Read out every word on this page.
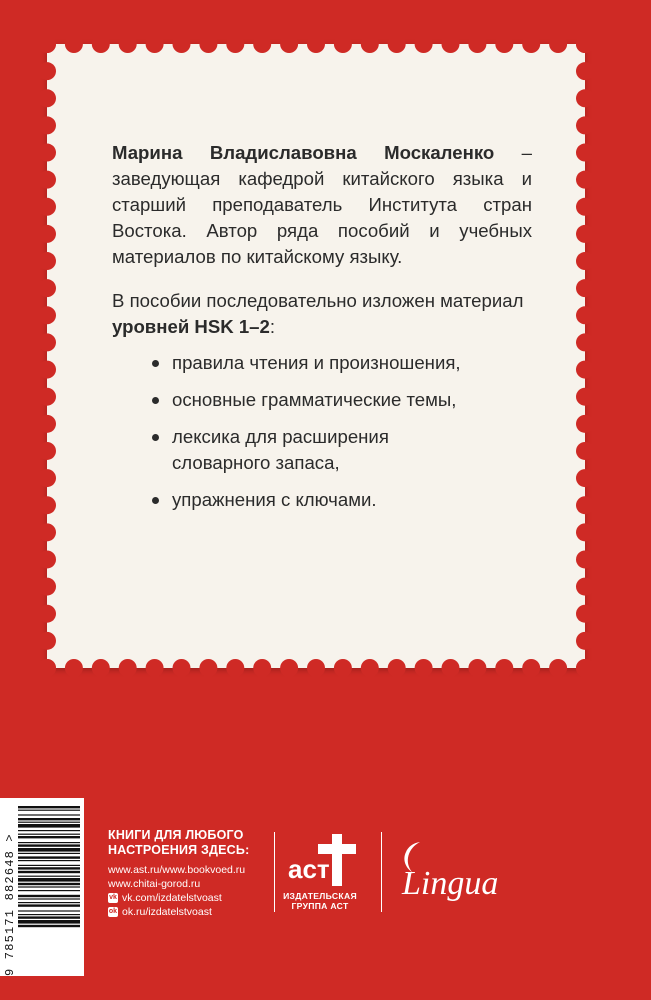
Марина Владиславовна Москаленко – заведующая кафедрой китайского языка и старший преподаватель Института стран Востока. Автор ряда пособий и учебных материалов по китайскому языку.

В пособии последовательно изложен материал уровней HSK 1–2:

правила чтения и произношения,
основные грамматические темы,
лексика для расширения словарного запаса,
упражнения с ключами.
9 785171 882648 >	КНИГИ ДЛЯ ЛЮБОГО
НАСТРОЕНИЯ ЗДЕСЬ:
www.ast.ru/www.bookvoed.ru
www.chitai-gorod.ru
vk vk.com/izdatelstvoast
ok ok.ru/izdatelstvoast
аст
ИЗДАТЕЛЬСКАЯ
ГРУППА АСТ
Lingua
